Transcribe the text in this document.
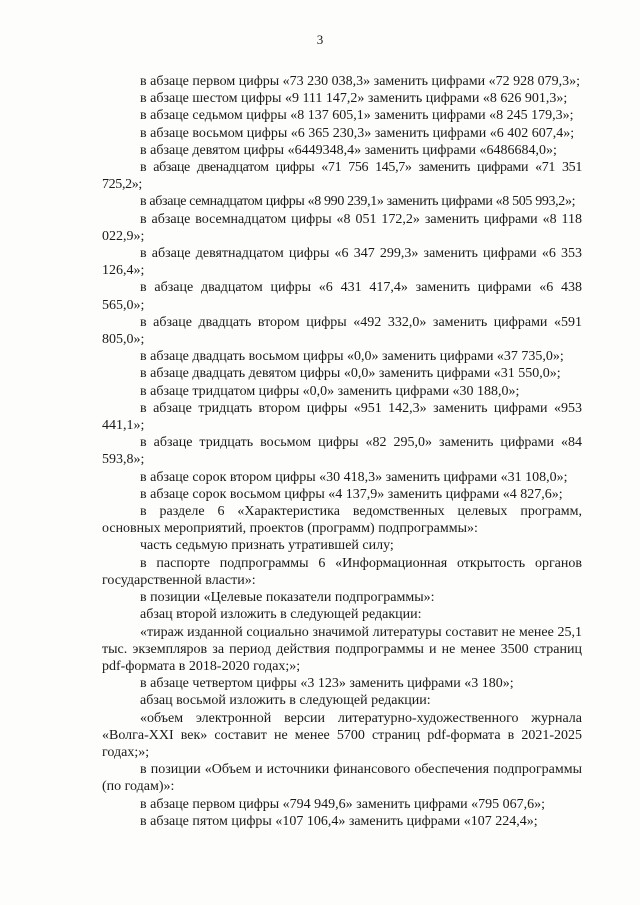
3

в абзаце первом цифры «73 230 038,3» заменить цифрами «72 928 079,3»;

в абзаце шестом цифры «9 111 147,2» заменить цифрами «8 626 901,3»;

в абзаце седьмом цифры «8 137 605,1» заменить цифрами «8 245 179,3»;

в абзаце восьмом цифры «6 365 230,3» заменить цифрами «6 402 607,4»;

в абзаце девятом цифры «6449348,4» заменить цифрами «6486684,0»;

в абзаце двенадцатом цифры «71 756 145,7» заменить цифрами «71 351 725,2»;

в абзаце семнадцатом цифры «8 990 239,1» заменить цифрами «8 505 993,2»;

в абзаце восемнадцатом цифры «8 051 172,2» заменить цифрами «8 118 022,9»;

в абзаце девятнадцатом цифры «6 347 299,3» заменить цифрами «6 353 126,4»;

в абзаце двадцатом цифры «6 431 417,4» заменить цифрами «6 438 565,0»;

в абзаце двадцать втором цифры «492 332,0» заменить цифрами «591 805,0»;

в абзаце двадцать восьмом цифры «0,0» заменить цифрами «37 735,0»;

в абзаце двадцать девятом цифры «0,0» заменить цифрами «31 550,0»;

в абзаце тридцатом цифры «0,0» заменить цифрами «30 188,0»;

в абзаце тридцать втором цифры «951 142,3» заменить цифрами «953 441,1»;

в абзаце тридцать восьмом цифры «82 295,0» заменить цифрами «84 593,8»;

в абзаце сорок втором цифры «30 418,3» заменить цифрами «31 108,0»;

в абзаце сорок восьмом цифры «4 137,9» заменить цифрами «4 827,6»;

в разделе 6 «Характеристика ведомственных целевых программ, основных мероприятий, проектов (программ) подпрограммы»:

часть седьмую признать утратившей силу;

в паспорте подпрограммы 6 «Информационная открытость органов государственной власти»:

в позиции «Целевые показатели подпрограммы»:

абзац второй изложить в следующей редакции:

«тираж изданной социально значимой литературы составит не менее 25,1 тыс. экземпляров за период действия подпрограммы и не менее 3500 страниц pdf-формата в 2018-2020 годах;»;

в абзаце четвертом цифры «3 123» заменить цифрами «3 180»;

абзац восьмой изложить в следующей редакции:

«объем электронной версии литературно-художественного журнала «Волга-XXI век» составит не менее 5700 страниц pdf-формата в 2021-2025 годах;»;

в позиции «Объем и источники финансового обеспечения подпрограммы (по годам)»:

в абзаце первом цифры «794 949,6» заменить цифрами «795 067,6»;

в абзаце пятом цифры «107 106,4» заменить цифрами «107 224,4»;
